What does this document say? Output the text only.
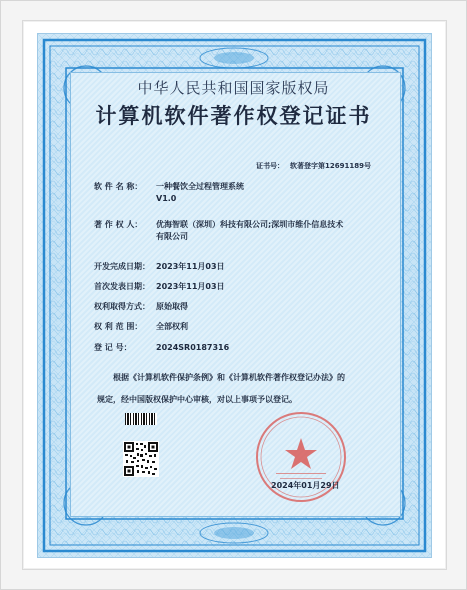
中华人民共和国国家版权局
计算机软件著作权登记证书
证书号： 软著登字第12691189号
软 件 名 称： 一种餐饮全过程管理系统
V1.0
著 作 权 人： 优海智联（深圳）科技有限公司;深圳市维仆信息技术
有限公司
开发完成日期： 2023年11月03日
首次发表日期： 2023年11月03日
权利取得方式： 原始取得
权 利 范 围： 全部权利
登 记 号：	2024SR0187316
根据《计算机软件保护条例》和《计算机软件著作权登记办法》的
规定，经中国版权保护中心审核，对以上事项予以登记。
2024年01月29日
